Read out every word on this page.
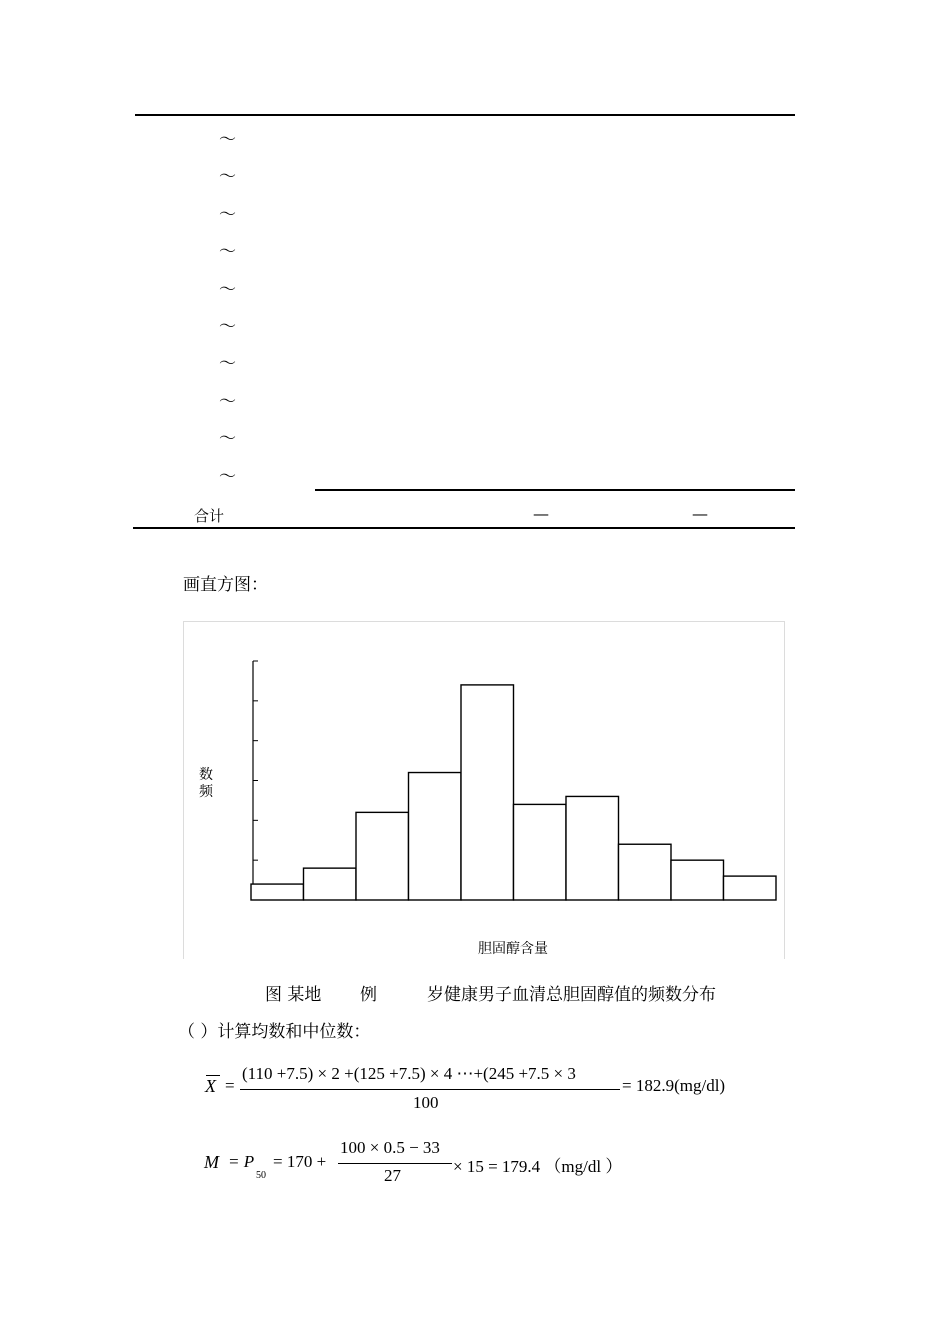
～
～
～
～
～
～
～
～
～
～
合计	—	—
画直方图：
数
频
胆固醇含量
图 某地 例	岁健康男子血清总胆固醇值的频数分布
（ ）计算均数和中位数：
X =
(110 +7.5) × 2 +(125 +7.5) × 4 ⋯+(245 +7.5 × 3
100
= 182.9(mg/dl)
M = P
50
= 170 +
100 × 0.5 − 33
27	× 15 = 179.4 （mg/dl ）
